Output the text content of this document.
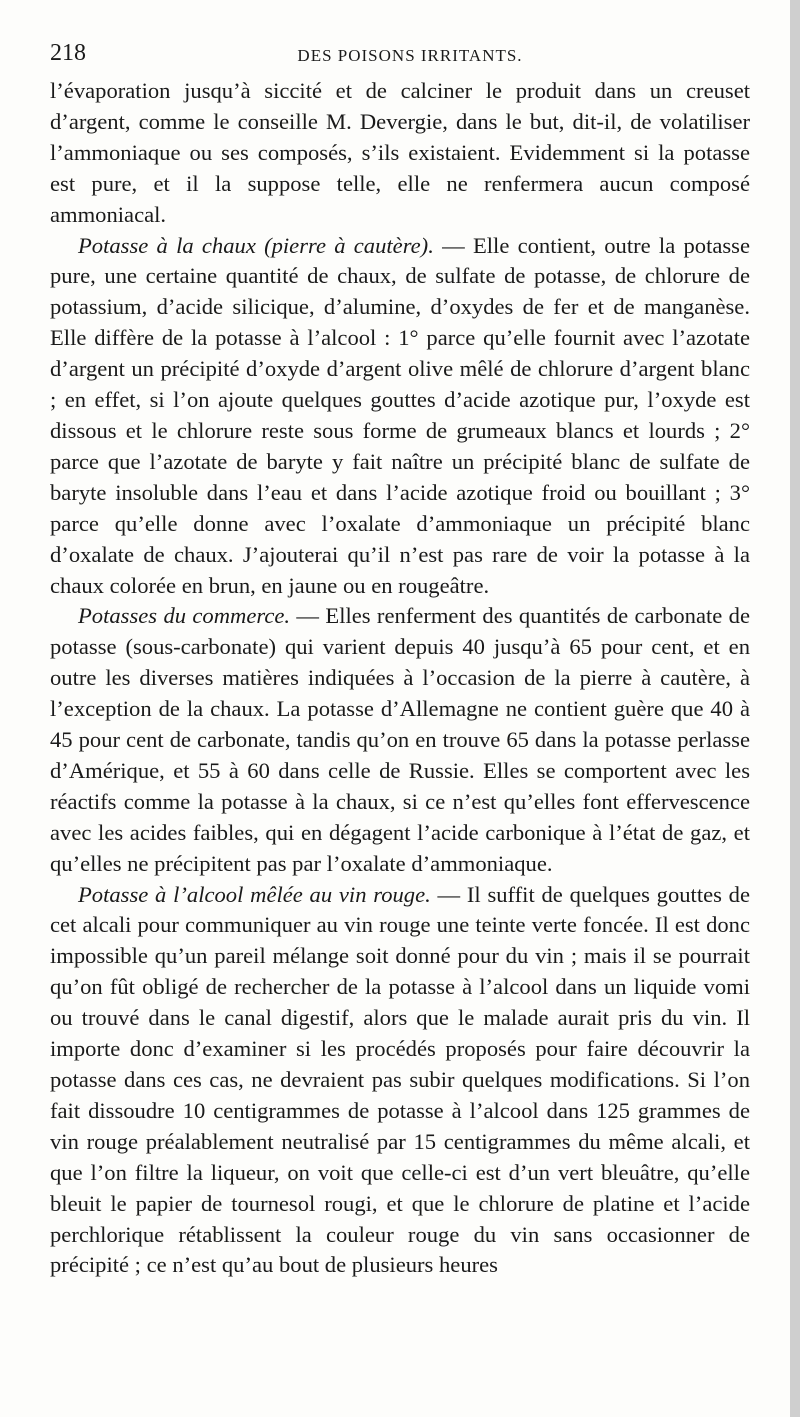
218	DES POISONS IRRITANTS.

l’évaporation jusqu’à siccité et de calciner le produit dans un creuset d’argent, comme le conseille M. Devergie, dans le but, dit-il, de volatiliser l’ammoniaque ou ses composés, s’ils existaient. Evidemment si la potasse est pure, et il la suppose telle, elle ne renfermera aucun composé ammoniacal.

Potasse à la chaux (pierre à cautère). — Elle contient, outre la potasse pure, une certaine quantité de chaux, de sulfate de potasse, de chlorure de potassium, d’acide silicique, d’alumine, d’oxydes de fer et de manganèse. Elle diffère de la potasse à l’alcool : 1° parce qu’elle fournit avec l’azotate d’argent un précipité d’oxyde d’argent olive mêlé de chlorure d’argent blanc ; en effet, si l’on ajoute quelques gouttes d’acide azotique pur, l’oxyde est dissous et le chlorure reste sous forme de grumeaux blancs et lourds ; 2° parce que l’azotate de baryte y fait naître un précipité blanc de sulfate de baryte insoluble dans l’eau et dans l’acide azotique froid ou bouillant ; 3° parce qu’elle donne avec l’oxalate d’ammoniaque un précipité blanc d’oxalate de chaux. J’ajouterai qu’il n’est pas rare de voir la potasse à la chaux colorée en brun, en jaune ou en rougeâtre.

Potasses du commerce. — Elles renferment des quantités de carbonate de potasse (sous-carbonate) qui varient depuis 40 jusqu’à 65 pour cent, et en outre les diverses matières indiquées à l’occasion de la pierre à cautère, à l’exception de la chaux. La potasse d’Allemagne ne contient guère que 40 à 45 pour cent de carbonate, tandis qu’on en trouve 65 dans la potasse perlasse d’Amérique, et 55 à 60 dans celle de Russie. Elles se comportent avec les réactifs comme la potasse à la chaux, si ce n’est qu’elles font effervescence avec les acides faibles, qui en dégagent l’acide carbonique à l’état de gaz, et qu’elles ne précipitent pas par l’oxalate d’ammoniaque.

Potasse à l’alcool mêlée au vin rouge. — Il suffit de quelques gouttes de cet alcali pour communiquer au vin rouge une teinte verte foncée. Il est donc impossible qu’un pareil mélange soit donné pour du vin ; mais il se pourrait qu’on fût obligé de rechercher de la potasse à l’alcool dans un liquide vomi ou trouvé dans le canal digestif, alors que le malade aurait pris du vin. Il importe donc d’examiner si les procédés proposés pour faire découvrir la potasse dans ces cas, ne devraient pas subir quelques modifications. Si l’on fait dissoudre 10 centigrammes de potasse à l’alcool dans 125 grammes de vin rouge préalablement neutralisé par 15 centigrammes du même alcali, et que l’on filtre la liqueur, on voit que celle-ci est d’un vert bleuâtre, qu’elle bleuit le papier de tournesol rougi, et que le chlorure de platine et l’acide perchlorique rétablissent la couleur rouge du vin sans occasionner de précipité ; ce n’est qu’au bout de plusieurs heures
